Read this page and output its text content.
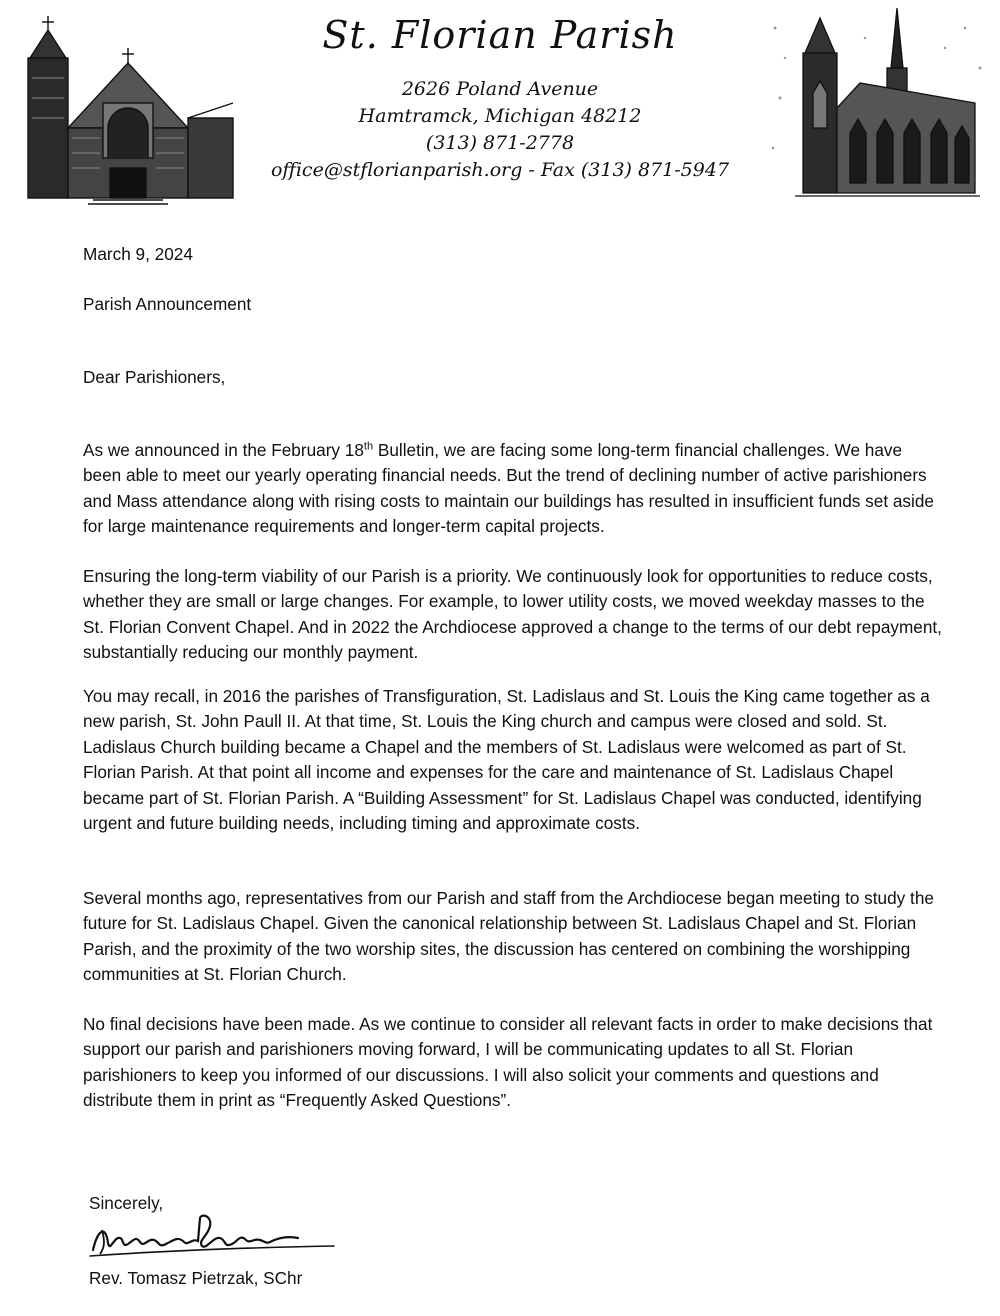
St. Florian Parish
2626 Poland Avenue
Hamtramck, Michigan 48212
(313) 871-2778
office@stflorianparish.org - Fax (313) 871-5947
March 9, 2024
Parish Announcement
Dear Parishioners,

As we announced in the February 18th Bulletin, we are facing some long-term financial challenges. We have been able to meet our yearly operating financial needs. But the trend of declining number of active parishioners and Mass attendance along with rising costs to maintain our buildings has resulted in insufficient funds set aside for large maintenance requirements and longer-term capital projects.

Ensuring the long-term viability of our Parish is a priority. We continuously look for opportunities to reduce costs, whether they are small or large changes. For example, to lower utility costs, we moved weekday masses to the St. Florian Convent Chapel. And in 2022 the Archdiocese approved a change to the terms of our debt repayment, substantially reducing our monthly payment.

You may recall, in 2016 the parishes of Transfiguration, St. Ladislaus and St. Louis the King came together as a new parish, St. John Paull II. At that time, St. Louis the King church and campus were closed and sold. St. Ladislaus Church building became a Chapel and the members of St. Ladislaus were welcomed as part of St. Florian Parish. At that point all income and expenses for the care and maintenance of St. Ladislaus Chapel became part of St. Florian Parish. A “Building Assessment” for St. Ladislaus Chapel was conducted, identifying urgent and future building needs, including timing and approximate costs.

Several months ago, representatives from our Parish and staff from the Archdiocese began meeting to study the future for St. Ladislaus Chapel. Given the canonical relationship between St. Ladislaus Chapel and St. Florian Parish, and the proximity of the two worship sites, the discussion has centered on combining the worshipping communities at St. Florian Church.

No final decisions have been made. As we continue to consider all relevant facts in order to make decisions that support our parish and parishioners moving forward, I will be communicating updates to all St. Florian parishioners to keep you informed of our discussions. I will also solicit your comments and questions and distribute them in print as “Frequently Asked Questions”.

Sincerely,
Rev. Tomasz Pietrzak, SChr
